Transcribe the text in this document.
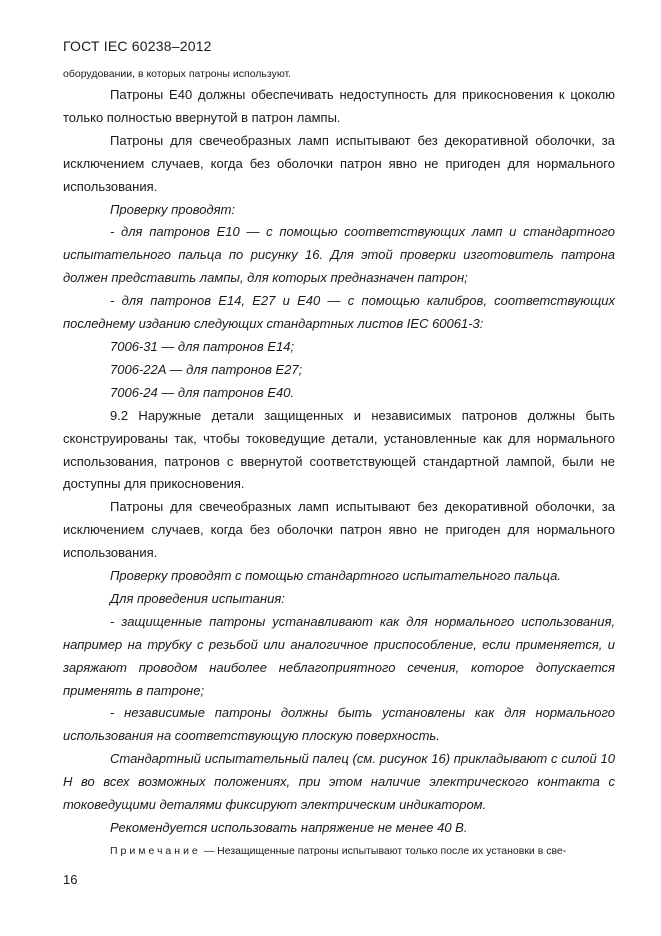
ГОСТ IEC 60238–2012

оборудовании, в которых патроны используют.

Патроны Е40 должны обеспечивать недоступность для прикосновения к цоколю только полностью ввернутой в патрон лампы.

Патроны для свечеобразных ламп испытывают без декоративной оболочки, за исключением случаев, когда без оболочки патрон явно не пригоден для нормального использования.

Проверку проводят:

- для патронов Е10 — с помощью соответствующих ламп и стандартного испытательного пальца по рисунку 16. Для этой проверки изготовитель патрона должен представить лампы, для которых предназначен патрон;

- для патронов Е14, Е27 и Е40 — с помощью калибров, соответствующих последнему изданию следующих стандартных листов IEC 60061-3:

7006-31 — для патронов Е14;

7006-22A — для патронов Е27;

7006-24 — для патронов Е40.

9.2 Наружные детали защищенных и независимых патронов должны быть сконструированы так, чтобы токоведущие детали, установленные как для нормального использования, патронов с ввернутой соответствующей стандартной лампой, были не доступны для прикосновения.

Патроны для свечеобразных ламп испытывают без декоративной оболочки, за исключением случаев, когда без оболочки патрон явно не пригоден для нормального использования.

Проверку проводят с помощью стандартного испытательного пальца.

Для проведения испытания:

- защищенные патроны устанавливают как для нормального использования, например на трубку с резьбой или аналогичное приспособление, если применяется, и заряжают проводом наиболее неблагоприятного сечения, которое допускается применять в патроне;

- независимые патроны должны быть установлены как для нормального использования на соответствующую плоскую поверхность.

Стандартный испытательный палец (см. рисунок 16) прикладывают с силой 10 Н во всех возможных положениях, при этом наличие электрического контакта с токоведущими деталями фиксируют электрическим индикатором.

Рекомендуется использовать напряжение не менее 40 В.

Примечание — Незащищенные патроны испытывают только после их установки в све-

16
